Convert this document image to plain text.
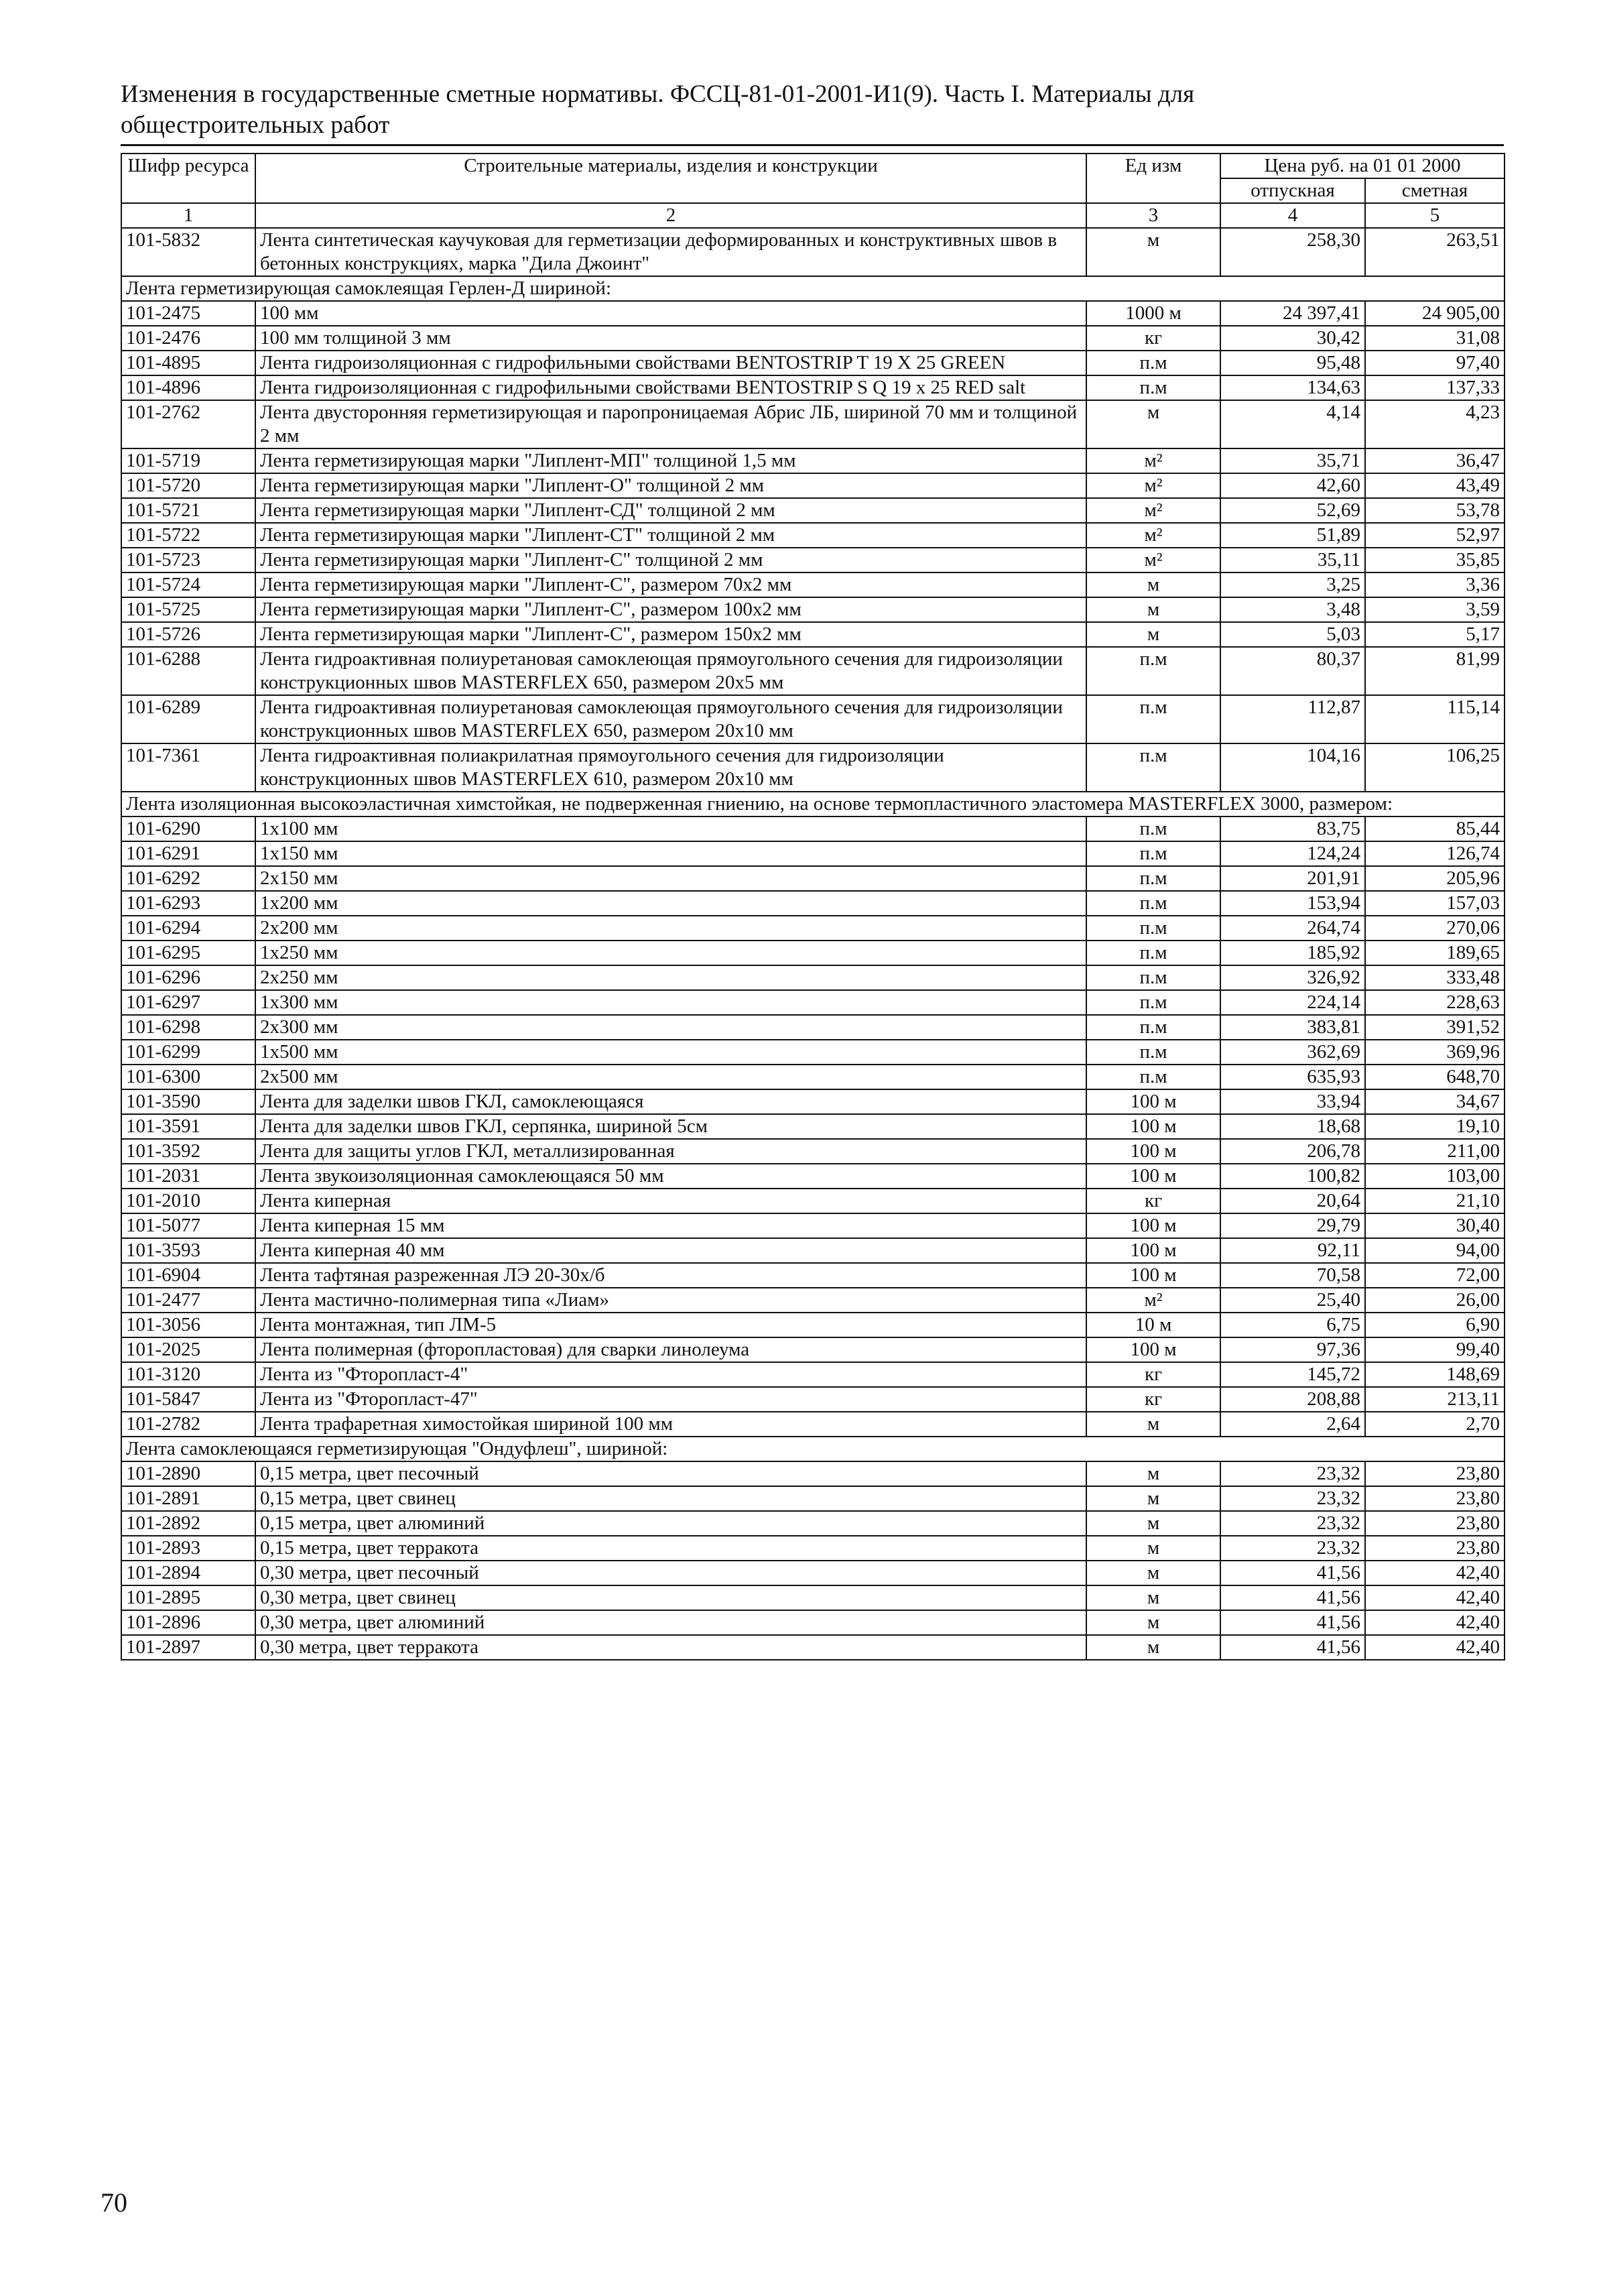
Изменения в государственные сметные нормативы. ФССЦ-81-01-2001-И1(9). Часть I. Материалы для общестроительных работ
Шифр ресурса	Строительные материалы, изделия и конструкции	Ед изм	Цена руб. на 01 01 2000	
			отпускная	сметная
1	2	3	4	5
101-5832	Лента синтетическая каучуковая для герметизации деформированных и конструктивных швов в бетонных конструкциях, марка "Дила Джоинт"	м	258,30	263,51
Лента герметизирующая самоклеящая Герлен-Д шириной:				
101-2475	100 мм	1000 м	24 397,41	24 905,00
101-2476	100 мм толщиной 3 мм	кг	30,42	31,08
101-4895	Лента гидроизоляционная с гидрофильными свойствами BENTOSTRIP T 19 X 25 GREEN	п.м	95,48	97,40
101-4896	Лента гидроизоляционная с гидрофильными свойствами BENTOSTRIP S Q 19 x 25 RED salt	п.м	134,63	137,33
101-2762	Лента двусторонняя герметизирующая и паропроницаемая Абрис ЛБ, шириной 70 мм и толщиной 2 мм	м	4,14	4,23
101-5719	Лента герметизирующая марки "Липлент-МП" толщиной 1,5 мм	м²	35,71	36,47
101-5720	Лента герметизирующая марки "Липлент-О" толщиной 2 мм	м²	42,60	43,49
101-5721	Лента герметизирующая марки "Липлент-СД" толщиной 2 мм	м²	52,69	53,78
101-5722	Лента герметизирующая марки "Липлент-СТ" толщиной 2 мм	м²	51,89	52,97
101-5723	Лента герметизирующая марки "Липлент-С" толщиной 2 мм	м²	35,11	35,85
101-5724	Лента герметизирующая марки "Липлент-С", размером 70х2 мм	м	3,25	3,36
101-5725	Лента герметизирующая марки "Липлент-С", размером 100х2 мм	м	3,48	3,59
101-5726	Лента герметизирующая марки "Липлент-С", размером 150х2 мм	м	5,03	5,17
101-6288	Лента гидроактивная полиуретановая самоклеющая прямоугольного сечения для гидроизоляции конструкционных швов MASTERFLEX 650, размером 20х5 мм	п.м	80,37	81,99
101-6289	Лента гидроактивная полиуретановая самоклеющая прямоугольного сечения для гидроизоляции конструкционных швов MASTERFLEX 650, размером 20х10 мм	п.м	112,87	115,14
101-7361	Лента гидроактивная полиакрилатная прямоугольного сечения для гидроизоляции конструкционных швов MASTERFLEX 610, размером 20х10 мм	п.м	104,16	106,25
Лента изоляционная высокоэластичная химстойкая, не подверженная гниению, на основе термопластичного эластомера MASTERFLEX 3000, размером:				
101-6290	1х100 мм	п.м	83,75	85,44
101-6291	1х150 мм	п.м	124,24	126,74
101-6292	2х150 мм	п.м	201,91	205,96
101-6293	1х200 мм	п.м	153,94	157,03
101-6294	2х200 мм	п.м	264,74	270,06
101-6295	1х250 мм	п.м	185,92	189,65
101-6296	2х250 мм	п.м	326,92	333,48
101-6297	1х300 мм	п.м	224,14	228,63
101-6298	2х300 мм	п.м	383,81	391,52
101-6299	1х500 мм	п.м	362,69	369,96
101-6300	2х500 мм	п.м	635,93	648,70
101-3590	Лента для заделки швов ГКЛ, самоклеющаяся	100 м	33,94	34,67
101-3591	Лента для заделки швов ГКЛ, серпянка, шириной 5см	100 м	18,68	19,10
101-3592	Лента для защиты углов ГКЛ, металлизированная	100 м	206,78	211,00
101-2031	Лента звукоизоляционная самоклеющаяся 50 мм	100 м	100,82	103,00
101-2010	Лента киперная	кг	20,64	21,10
101-5077	Лента киперная 15 мм	100 м	29,79	30,40
101-3593	Лента киперная 40 мм	100 м	92,11	94,00
101-6904	Лента тафтяная разреженная ЛЭ 20-30х/б	100 м	70,58	72,00
101-2477	Лента мастично-полимерная типа «Лиам»	м²	25,40	26,00
101-3056	Лента монтажная, тип ЛМ-5	10 м	6,75	6,90
101-2025	Лента полимерная (фторопластовая) для сварки линолеума	100 м	97,36	99,40
101-3120	Лента из "Фторопласт-4"	кг	145,72	148,69
101-5847	Лента из "Фторопласт-47"	кг	208,88	213,11
101-2782	Лента трафаретная химостойкая шириной 100 мм	м	2,64	2,70
Лента самоклеющаяся герметизирующая "Ондуфлеш", шириной:				
101-2890	0,15 метра, цвет песочный	м	23,32	23,80
101-2891	0,15 метра, цвет свинец	м	23,32	23,80
101-2892	0,15 метра, цвет алюминий	м	23,32	23,80
101-2893	0,15 метра, цвет терракота	м	23,32	23,80
101-2894	0,30 метра, цвет песочный	м	41,56	42,40
101-2895	0,30 метра, цвет свинец	м	41,56	42,40
101-2896	0,30 метра, цвет алюминий	м	41,56	42,40
101-2897	0,30 метра, цвет терракота	м	41,56	42,40
70
